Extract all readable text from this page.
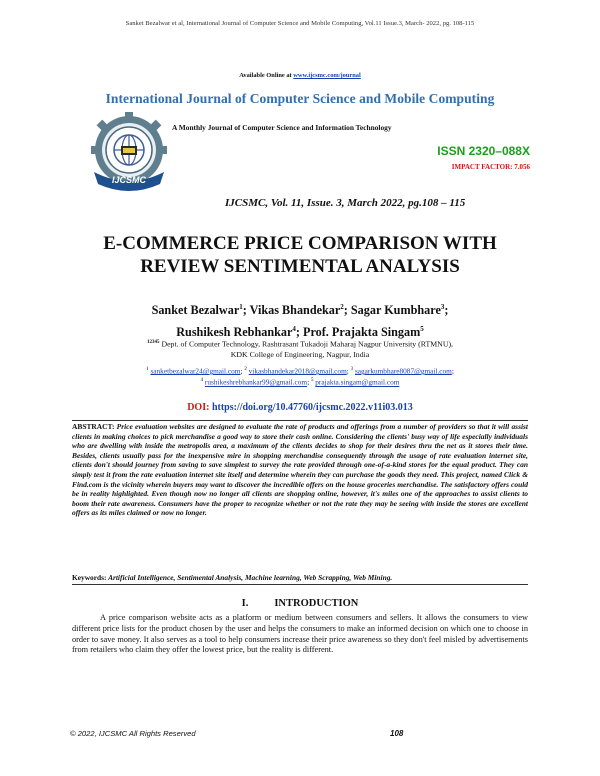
Sanket Bezalwar et al, International Journal of Computer Science and Mobile Computing, Vol.11 Issue.3, March- 2022, pg. 108-115
Available Online at www.ijcsmc.com/journal
International Journal of Computer Science and Mobile Computing
IJCSMC
A Monthly Journal of Computer Science and Information Technology
ISSN 2320–088X
IMPACT FACTOR: 7.056
IJCSMC, Vol. 11, Issue. 3, March 2022, pg.108 – 115
E-COMMERCE PRICE COMPARISON WITH
REVIEW SENTIMENTAL ANALYSIS
Sanket Bezalwar$^1$; Vikas Bhandekar$^2$; Sagar Kumbhare$^3$;
Rushikesh Rebhankar$^4$; Prof. Prajakta Singam$^5$
$^{12345}$ Dept. of Computer Technology, Rashtrasant Tukadoji Maharaj Nagpur University (RTMNU),
KDK College of Engineering, Nagpur, India
$^1$ sanketbezalwar24@gmail.com; $^2$ vikasbhandekar2018@gmail.com; $^3$ sagarkumbhare8087@gmail.com;
$^4$ rushikeshrebhankar99@gmail.com; $^5$ prajakta.singam@gmail.com
DOI: https://doi.org/10.47760/ijcsmc.2022.v11i03.013
ABSTRACT: Price evaluation websites are designed to evaluate the rate of products and offerings from a number of providers so that it will assist clients in making choices to pick merchandise a good way to store their cash online. Considering the clients' busy way of life especially individuals who are dwelling with inside the metropolis area, a maximum of the clients decides to shop for their desires thru the net as it stores their time. Besides, clients usually pass for the inexpensive mire in shopping merchandise consequently through the usage of rate evaluation internet site, clients don't should journey from saving to save simplest to survey the rate provided through one-of-a-kind stores for the equal product. They can simply test it from the rate evaluation internet site itself and determine wherein they can purchase the goods they need. This project, named Click & Find.com is the vicinity wherein buyers may want to discover the incredible offers on the house groceries merchandise. The satisfactory offers could be in reality highlighted. Even though now no longer all clients are shopping online, however, it's miles one of the approaches to assist clients to boom their rate awareness. Consumers have the proper to recognize whether or not the rate they may be seeing with inside the stores are excellent offers as its miles claimed or now no longer.
Keywords: Artificial Intelligence, Sentimental Analysis, Machine learning, Web Scrapping, Web Mining.
I. INTRODUCTION
A price comparison website acts as a platform or medium between consumers and sellers. It allows the consumers to view different price lists for the product chosen by the user and helps the consumers to make an informed decision on which one to choose in order to save money. It also serves as a tool to help consumers increase their price awareness so they don't feel misled by advertisements from retailers who claim they offer the lowest price, but the reality is different.
© 2022, IJCSMC All Rights Reserved	108
